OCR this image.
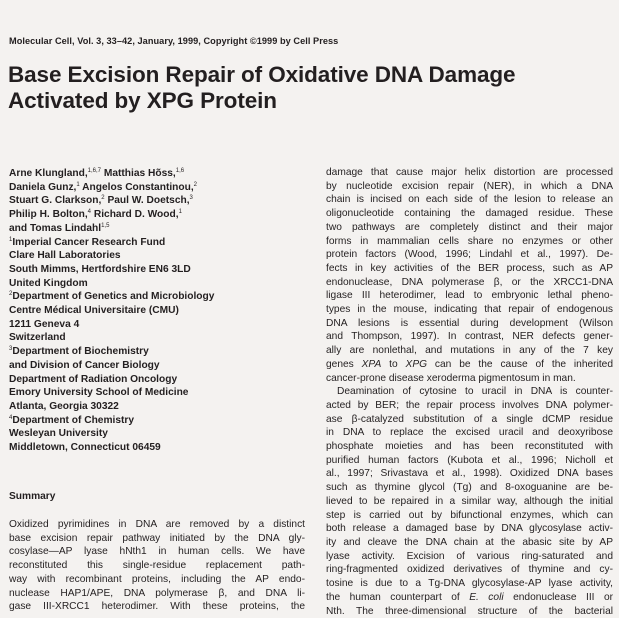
Molecular Cell, Vol. 3, 33–42, January, 1999, Copyright ©1999 by Cell Press
Base Excision Repair of Oxidative DNA Damage
Activated by XPG Protein
Arne Klungland,$^{1,6,7}$ Matthias Hõss,$^{1,6}$
Daniela Gunz,$^1$ Angelos Constantinou,$^2$
Stuart G. Clarkson,$^2$ Paul W. Doetsch,$^3$
Philip H. Bolton,$^4$ Richard D. Wood,$^1$
and Tomas Lindahl$^{1,5}$
$^1$Imperial Cancer Research Fund
Clare Hall Laboratories
South Mimms, Hertfordshire EN6 3LD
United Kingdom
$^2$Department of Genetics and Microbiology
Centre Médical Universitaire (CMU)
1211 Geneva 4
Switzerland
$^3$Department of Biochemistry
and Division of Cancer Biology
Department of Radiation Oncology
Emory University School of Medicine
Atlanta, Georgia 30322
$^4$Department of Chemistry
Wesleyan University
Middletown, Connecticut 06459
Summary
Oxidized pyrimidines in DNA are removed by a distinct
base excision repair pathway initiated by the DNA gly-
cosylase—AP lyase hNth1 in human cells. We have
reconstituted this single-residue replacement path-
way with recombinant proteins, including the AP endo-
nuclease HAP1/APE, DNA polymerase β, and DNA li-
gase III-XRCC1 heterodimer. With these proteins, the
damage that cause major helix distortion are processed
by nucleotide excision repair (NER), in which a DNA
chain is incised on each side of the lesion to release an
oligonucleotide containing the damaged residue. These
two pathways are completely distinct and their major
forms in mammalian cells share no enzymes or other
protein factors (Wood, 1996; Lindahl et al., 1997). De-
fects in key activities of the BER process, such as AP
endonuclease, DNA polymerase β, or the XRCC1-DNA
ligase III heterodimer, lead to embryonic lethal pheno-
types in the mouse, indicating that repair of endogenous
DNA lesions is essential during development (Wilson
and Thompson, 1997). In contrast, NER defects gener-
ally are nonlethal, and mutations in any of the 7 key
genes XPA to XPG can be the cause of the inherited
cancer-prone disease xeroderma pigmentosum in man.
Deamination of cytosine to uracil in DNA is counter-
acted by BER; the repair process involves DNA polymer-
ase β-catalyzed substitution of a single dCMP residue
in DNA to replace the excised uracil and deoxyribose
phosphate moieties and has been reconstituted with
purified human factors (Kubota et al., 1996; Nicholl et
al., 1997; Srivastava et al., 1998). Oxidized DNA bases
such as thymine glycol (Tg) and 8-oxoguanine are be-
lieved to be repaired in a similar way, although the initial
step is carried out by bifunctional enzymes, which can
both release a damaged base by DNA glycosylase activ-
ity and cleave the DNA chain at the abasic site by AP
lyase activity. Excision of various ring-saturated and
ring-fragmented oxidized derivatives of thymine and cy-
tosine is due to a Tg-DNA glycosylase-AP lyase activity,
the human counterpart of E. coli endonuclease III or
Nth. The three-dimensional structure of the bacterial
